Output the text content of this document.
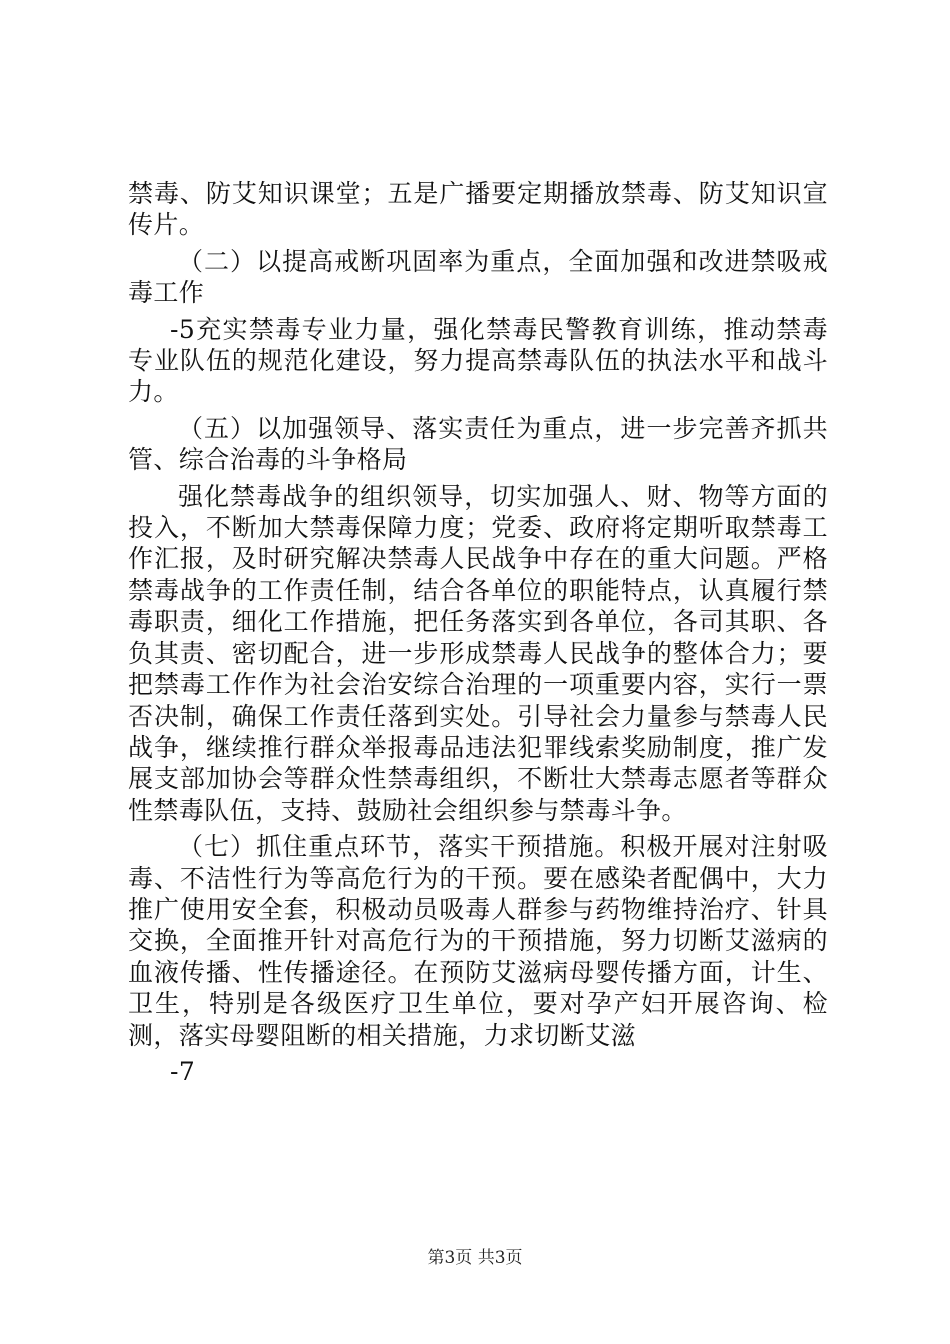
禁毒、防艾知识课堂；五是广播要定期播放禁毒、防艾知识宣传片。

（二）以提高戒断巩固率为重点，全面加强和改进禁吸戒毒工作

-5充实禁毒专业力量，强化禁毒民警教育训练，推动禁毒专业队伍的规范化建设，努力提高禁毒队伍的执法水平和战斗力。

（五）以加强领导、落实责任为重点，进一步完善齐抓共管、综合治毒的斗争格局

强化禁毒战争的组织领导，切实加强人、财、物等方面的投入，不断加大禁毒保障力度；党委、政府将定期听取禁毒工作汇报，及时研究解决禁毒人民战争中存在的重大问题。严格禁毒战争的工作责任制，结合各单位的职能特点，认真履行禁毒职责，细化工作措施，把任务落实到各单位，各司其职、各负其责、密切配合，进一步形成禁毒人民战争的整体合力；要把禁毒工作作为社会治安综合治理的一项重要内容，实行一票否决制，确保工作责任落到实处。引导社会力量参与禁毒人民战争，继续推行群众举报毒品违法犯罪线索奖励制度，推广发展支部加协会等群众性禁毒组织，不断壮大禁毒志愿者等群众性禁毒队伍，支持、鼓励社会组织参与禁毒斗争。

（七）抓住重点环节，落实干预措施。积极开展对注射吸毒、不洁性行为等高危行为的干预。要在感染者配偶中，大力推广使用安全套，积极动员吸毒人群参与药物维持治疗、针具交换，全面推开针对高危行为的干预措施，努力切断艾滋病的血液传播、性传播途径。在预防艾滋病母婴传播方面，计生、卫生，特别是各级医疗卫生单位，要对孕产妇开展咨询、检测，落实母婴阻断的相关措施，力求切断艾滋

-7

第3页 共3页
